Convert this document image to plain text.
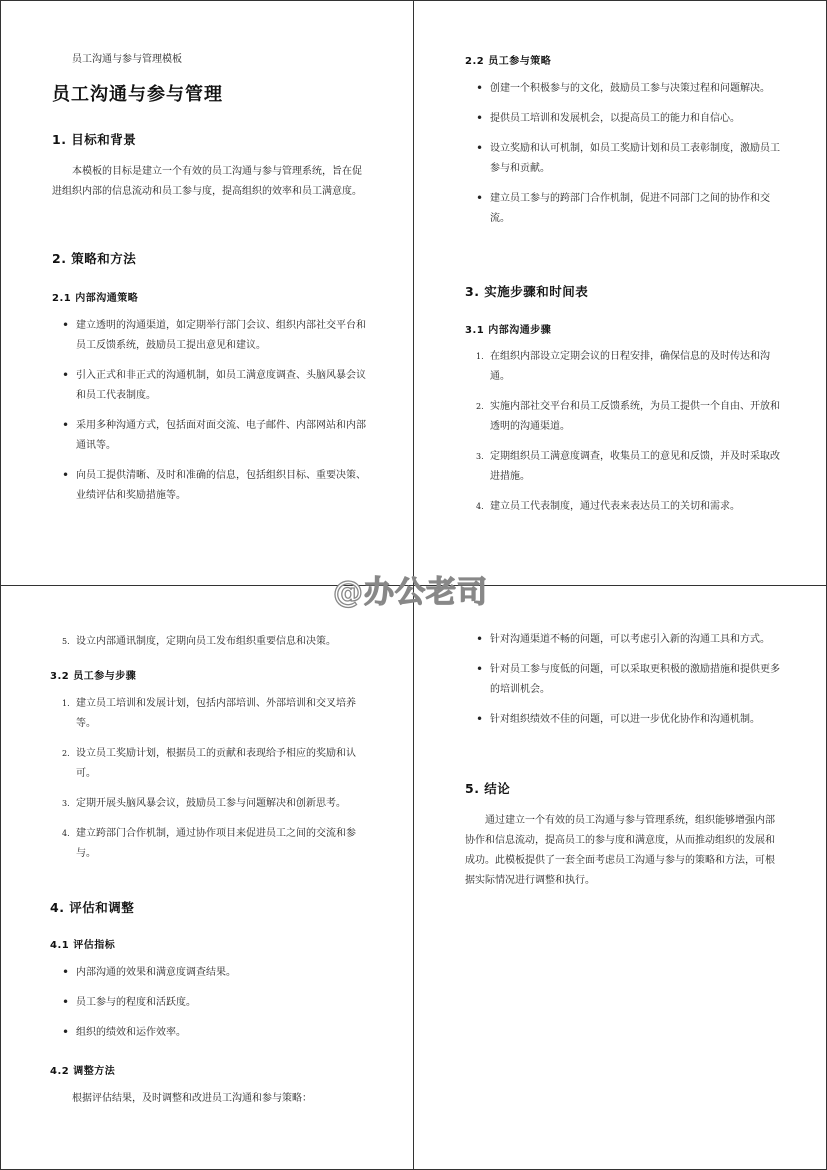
员工沟通与参与管理模板
员工沟通与参与管理
1. 目标和背景
本模板的目标是建立一个有效的员工沟通与参与管理系统，旨在促进组织内部的信息流动和员工参与度，提高组织的效率和员工满意度。
2. 策略和方法
2.1 内部沟通策略
• 建立透明的沟通渠道，如定期举行部门会议、组织内部社交平台和员工反馈系统，鼓励员工提出意见和建议。
• 引入正式和非正式的沟通机制，如员工满意度调查、头脑风暴会议和员工代表制度。
• 采用多种沟通方式，包括面对面交流、电子邮件、内部网站和内部通讯等。
• 向员工提供清晰、及时和准确的信息，包括组织目标、重要决策、业绩评估和奖励措施等。
2.2 员工参与策略
• 创建一个积极参与的文化，鼓励员工参与决策过程和问题解决。
• 提供员工培训和发展机会，以提高员工的能力和自信心。
• 设立奖励和认可机制，如员工奖励计划和员工表彰制度，激励员工参与和贡献。
• 建立员工参与的跨部门合作机制，促进不同部门之间的协作和交流。
3. 实施步骤和时间表
3.1 内部沟通步骤
1. 在组织内部设立定期会议的日程安排，确保信息的及时传达和沟通。
2. 实施内部社交平台和员工反馈系统，为员工提供一个自由、开放和透明的沟通渠道。
3. 定期组织员工满意度调查，收集员工的意见和反馈，并及时采取改进措施。
4. 建立员工代表制度，通过代表来表达员工的关切和需求。
5. 设立内部通讯制度，定期向员工发布组织重要信息和决策。
3.2 员工参与步骤
1. 建立员工培训和发展计划，包括内部培训、外部培训和交叉培养等。
2. 设立员工奖励计划，根据员工的贡献和表现给予相应的奖励和认可。
3. 定期开展头脑风暴会议，鼓励员工参与问题解决和创新思考。
4. 建立跨部门合作机制，通过协作项目来促进员工之间的交流和参与。
4. 评估和调整
4.1 评估指标
• 内部沟通的效果和满意度调查结果。
• 员工参与的程度和活跃度。
• 组织的绩效和运作效率。
4.2 调整方法
根据评估结果，及时调整和改进员工沟通和参与策略：
• 针对沟通渠道不畅的问题，可以考虑引入新的沟通工具和方式。
• 针对员工参与度低的问题，可以采取更积极的激励措施和提供更多的培训机会。
• 针对组织绩效不佳的问题，可以进一步优化协作和沟通机制。
5. 结论
通过建立一个有效的员工沟通与参与管理系统，组织能够增强内部协作和信息流动，提高员工的参与度和满意度，从而推动组织的发展和成功。此模板提供了一套全面考虑员工沟通与参与的策略和方法，可根据实际情况进行调整和执行。
@办公老司
